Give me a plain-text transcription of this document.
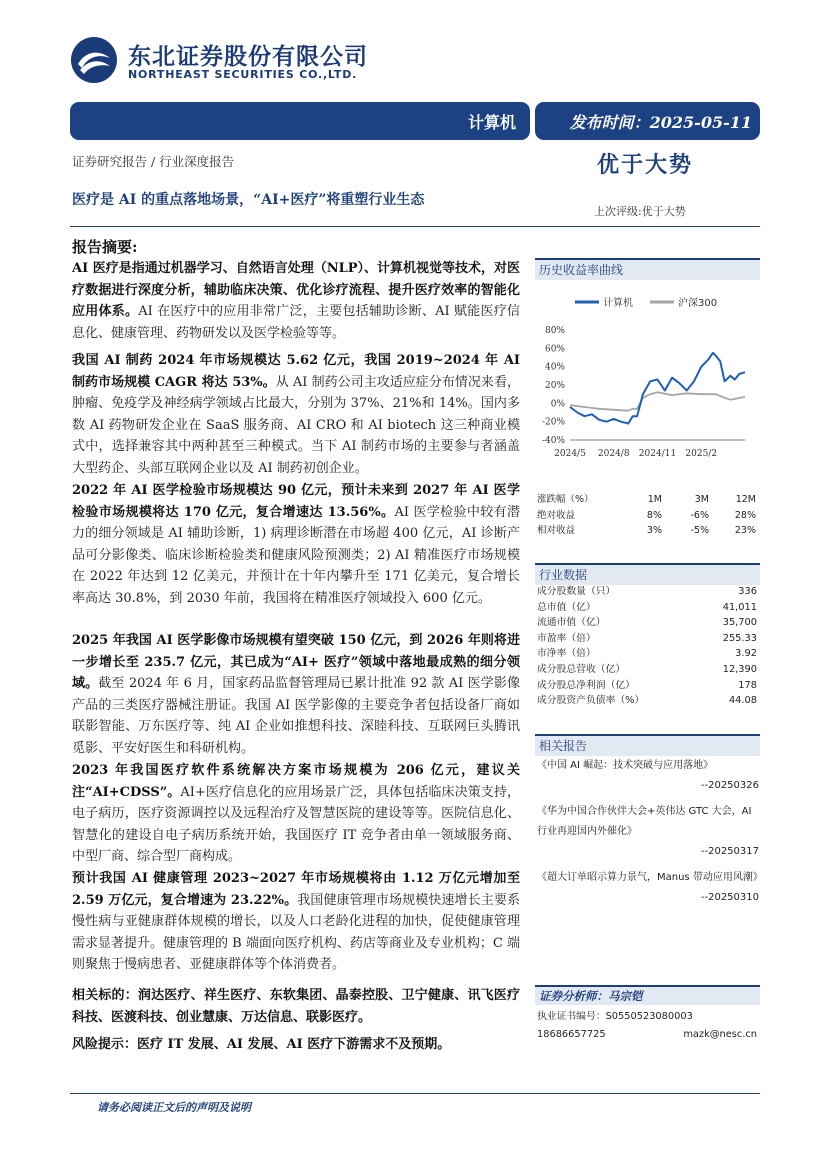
东北证券股份有限公司
NORTHEAST SECURITIES CO.,LTD.
计算机	发布时间：2025-05-11
证券研究报告 / 行业深度报告
医疗是 AI 的重点落地场景，“AI+医疗”将重塑行业生态
优于大势
上次评级:优于大势
报告摘要:
AI 医疗是指通过机器学习、自然语言处理（NLP）、计算机视觉等技术，对医疗数据进行深度分析，辅助临床决策、优化诊疗流程、提升医疗效率的智能化应用体系。AI 在医疗中的应用非常广泛，主要包括辅助诊断、AI 赋能医疗信息化、健康管理、药物研发以及医学检验等等。
我国 AI 制药 2024 年市场规模达 5.62 亿元，我国 2019~2024 年 AI 制药市场规模 CAGR 将达 53%。从 AI 制药公司主攻适应症分布情况来看，肿瘤、免疫学及神经病学领域占比最大，分别为 37%、21%和 14%。国内多数 AI 药物研发企业在 SaaS 服务商、AI CRO 和 AI biotech 这三种商业模式中，选择兼容其中两种甚至三种模式。当下 AI 制药市场的主要参与者涵盖大型药企、头部互联网企业以及 AI 制药初创企业。
2022 年 AI 医学检验市场规模达 90 亿元，预计未来到 2027 年 AI 医学检验市场规模将达 170 亿元，复合增速达 13.56%。AI 医学检验中较有潜力的细分领域是 AI 辅助诊断，1) 病理诊断潜在市场超 400 亿元，AI 诊断产品可分影像类、临床诊断检验类和健康风险预测类；2) AI 精准医疗市场规模在 2022 年达到 12 亿美元，并预计在十年内攀升至 171 亿美元，复合增长率高达 30.8%，到 2030 年前，我国将在精准医疗领域投入 600 亿元。
2025 年我国 AI 医学影像市场规模有望突破 150 亿元，到 2026 年则将进一步增长至 235.7 亿元，其已成为“AI+ 医疗”领域中落地最成熟的细分领域。截至 2024 年 6 月，国家药品监督管理局已累计批准 92 款 AI 医学影像产品的三类医疗器械注册证。我国 AI 医学影像的主要竞争者包括设备厂商如联影智能、万东医疗等、纯 AI 企业如推想科技、深睦科技、互联网巨头腾讯觅影、平安好医生和科研机构。
2023 年我国医疗软件系统解决方案市场规模为 206 亿元，建议关注“AI+CDSS”。AI+医疗信息化的应用场景广泛，具体包括临床决策支持，电子病历，医疗资源调控以及远程治疗及智慧医院的建设等等。医院信息化、智慧化的建设自电子病历系统开始，我国医疗 IT 竞争者由单一领域服务商、中型厂商、综合型厂商构成。
预计我国 AI 健康管理 2023~2027 年市场规模将由 1.12 万亿元增加至 2.59 万亿元，复合增速为 23.22%。我国健康管理市场规模快速增长主要系慢性病与亚健康群体规模的增长，以及人口老龄化进程的加快，促使健康管理需求显著提升。健康管理的 B 端面向医疗机构、药店等商业及专业机构；C 端则聚焦于慢病患者、亚健康群体等个体消费者。
相关标的：润达医疗、祥生医疗、东软集团、晶泰控股、卫宁健康、讯飞医疗科技、医渡科技、创业慧康、万达信息、联影医疗。
风险提示：医疗 IT 发展、AI 发展、AI 医疗下游需求不及预期。
历史收益率曲线
计算机	沪深300
80%
60%
40%
20%
0%
-20%
-40%
2024/5 2024/8 2024/11 2025/2
涨跌幅（%）	1M	3M	12M
绝对收益	8%	-6%	28%
相对收益	3%	-5%	23%
行业数据
成分股数量（只）	336
总市值（亿）	41,011
流通市值（亿）	35,700
市盈率（倍）	255.33
市净率（倍）	3.92
成分股总营收（亿）	12,390
成分股总净利润（亿）	178
成分股资产负债率（%）	44.08
相关报告
《中国 AI 崛起：技术突破与应用落地》
--20250326
《华为中国合作伙伴大会+英伟达 GTC 大会，AI 行业再迎国内外催化》
--20250317
《超大订单昭示算力景气，Manus 带动应用风潮》
--20250310
证券分析师：马宗铠
执业证书编号：S0550523080003
18686657725	mazk@nesc.cn
请务必阅读正文后的声明及说明
